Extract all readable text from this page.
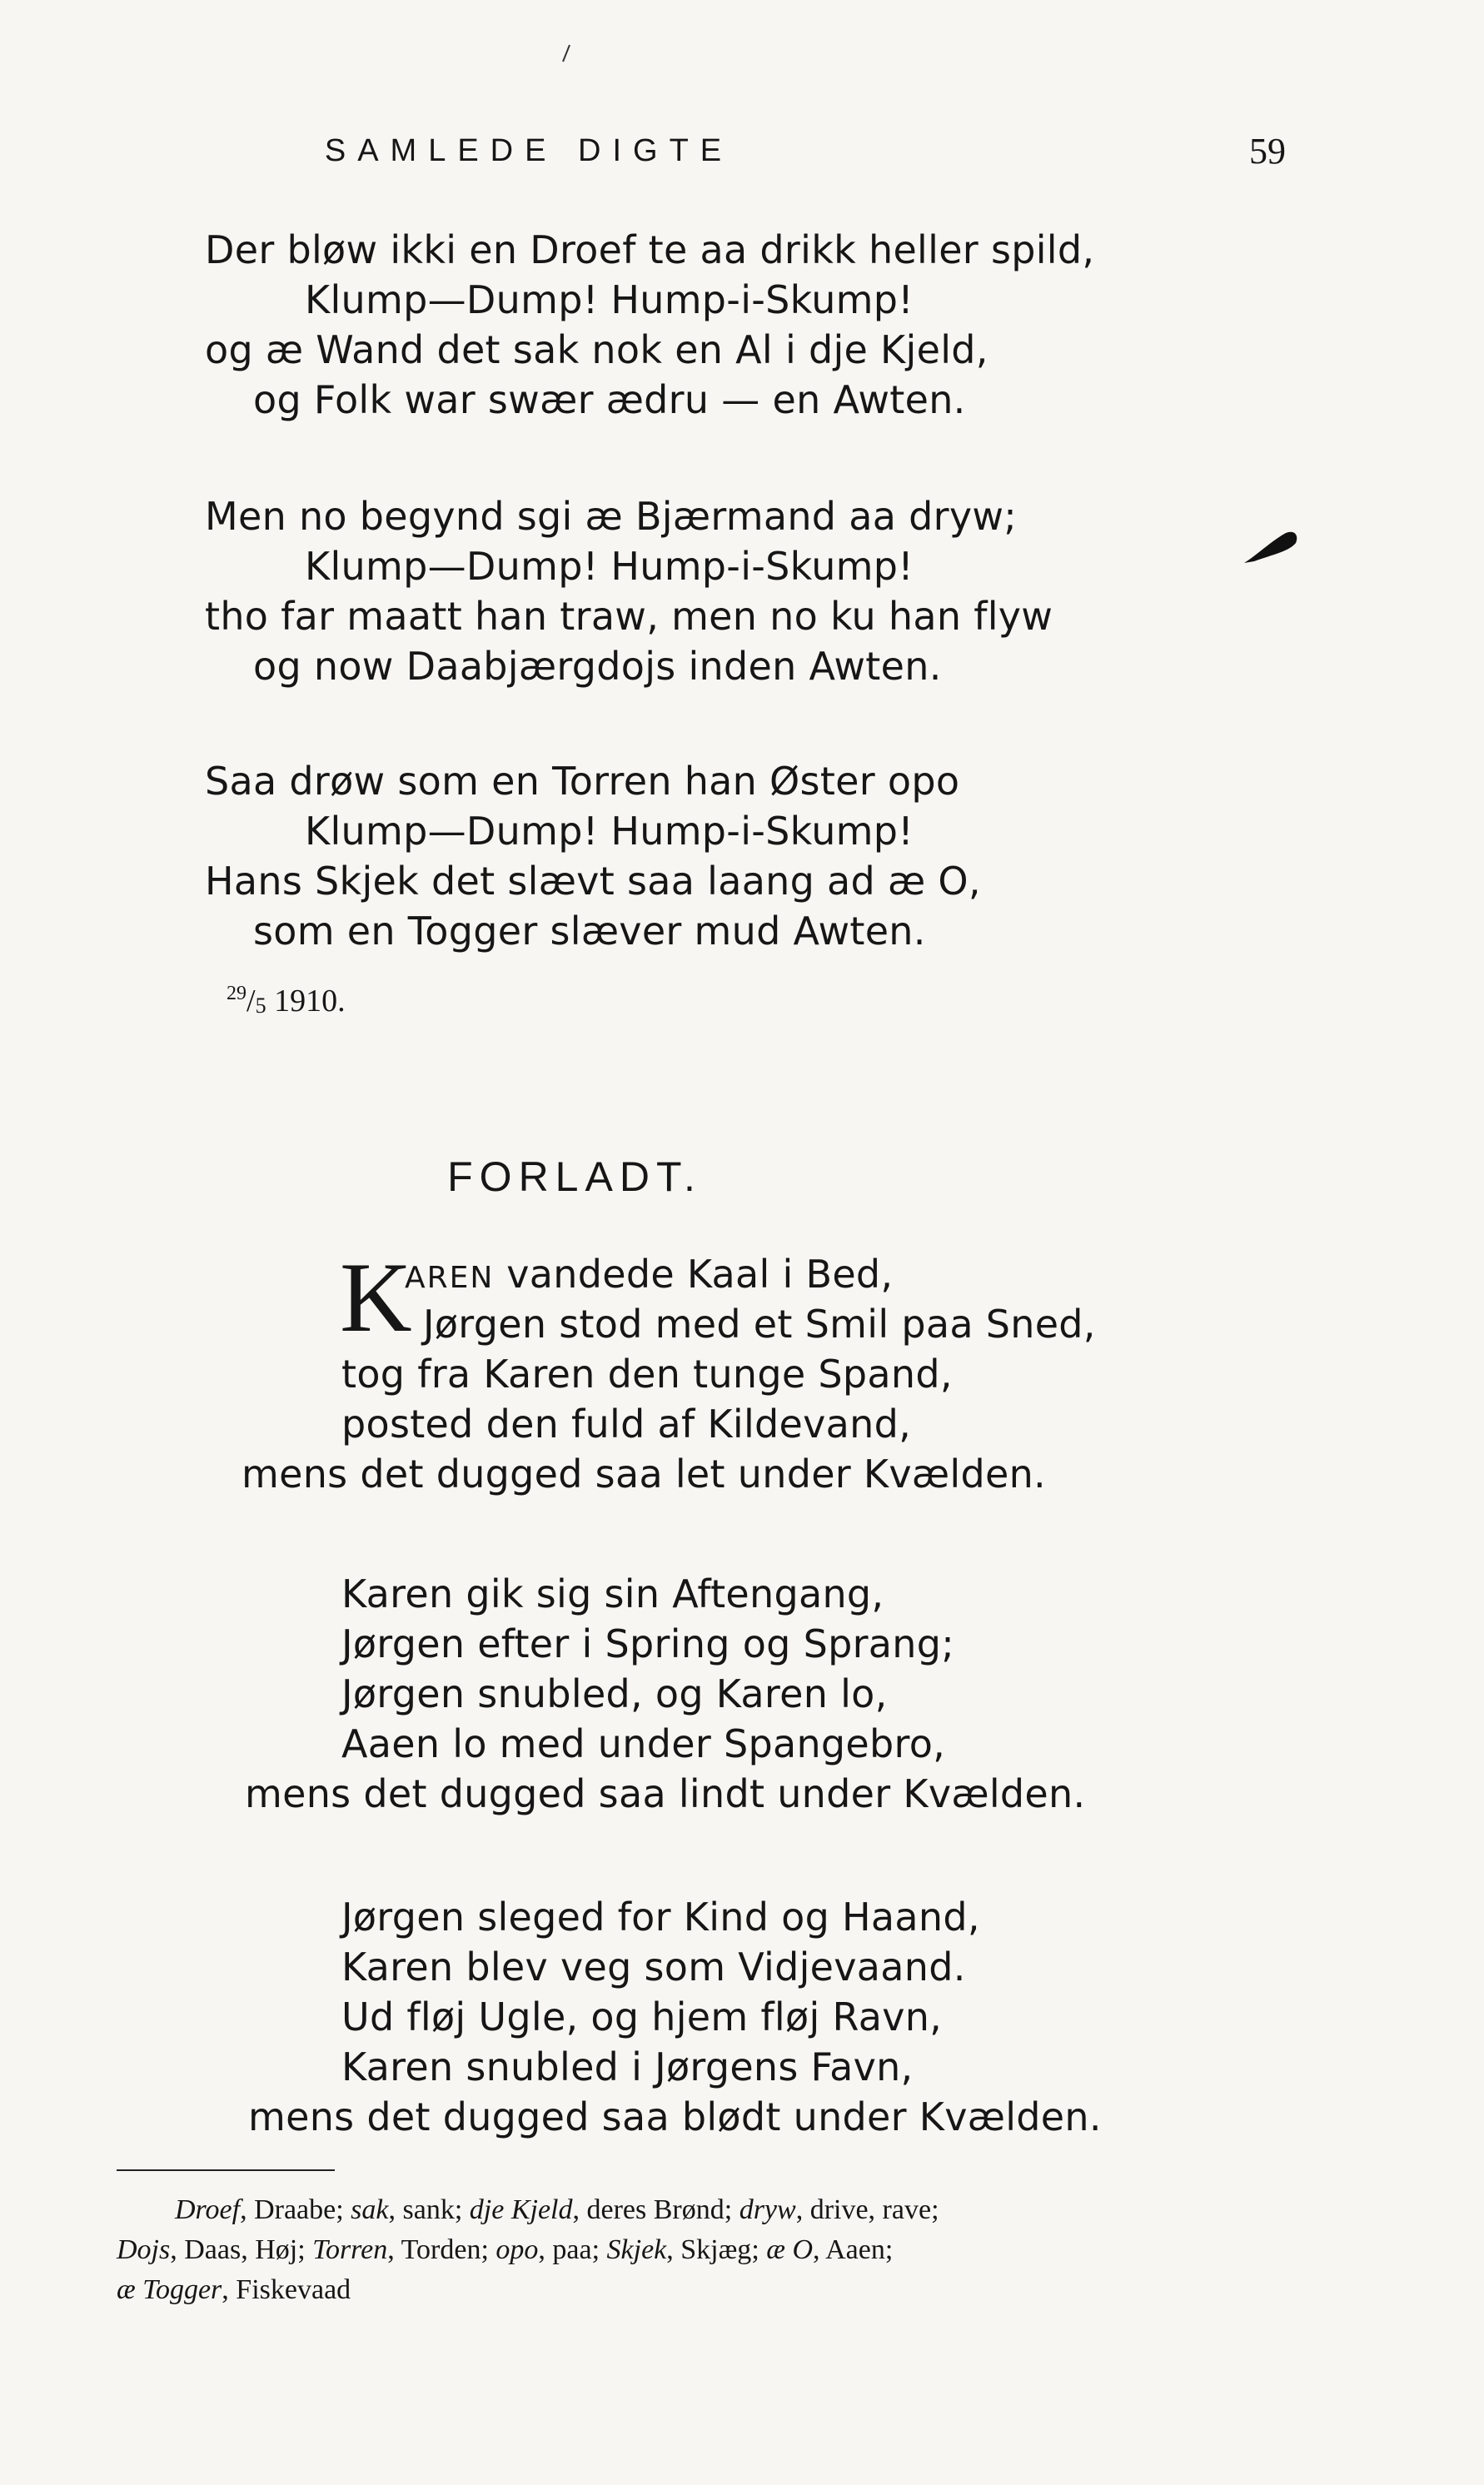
SAMLEDE DIGTE	59
Der bløw ikki en Droef te aa drikk heller spild,
Klump—Dump! Hump-i-Skump!
og æ Wand det sak nok en Al i dje Kjeld,
og Folk war swær ædru — en Awten.
Men no begynd sgi æ Bjærmand aa dryw;
Klump—Dump! Hump-i-Skump!
tho far maatt han traw, men no ku han flyw
og now Daabjærgdojs inden Awten.
Saa drøw som en Torren han Øster opo
Klump—Dump! Hump-i-Skump!
Hans Skjek det slævt saa laang ad æ O,
som en Togger slæver mud Awten.
$^{29}/_5$ 1910.
FORLADT.
K
AREN vandede Kaal i Bed,
Jørgen stod med et Smil paa Sned,
tog fra Karen den tunge Spand,
posted den fuld af Kildevand,
mens det dugged saa let under Kvælden.
Karen gik sig sin Aftengang,
Jørgen efter i Spring og Sprang;
Jørgen snubled, og Karen lo,
Aaen lo med under Spangebro,
mens det dugged saa lindt under Kvælden.
Jørgen sleged for Kind og Haand,
Karen blev veg som Vidjevaand.
Ud fløj Ugle, og hjem fløj Ravn,
Karen snubled i Jørgens Favn,
mens det dugged saa blødt under Kvælden.
Droef, Draabe; sak, sank; dje Kjeld, deres Brønd; dryw, drive, rave;
Dojs, Daas, Høj; Torren, Torden; opo, paa; Skjek, Skjæg; æ O, Aaen;
æ Togger, Fiskevaad
